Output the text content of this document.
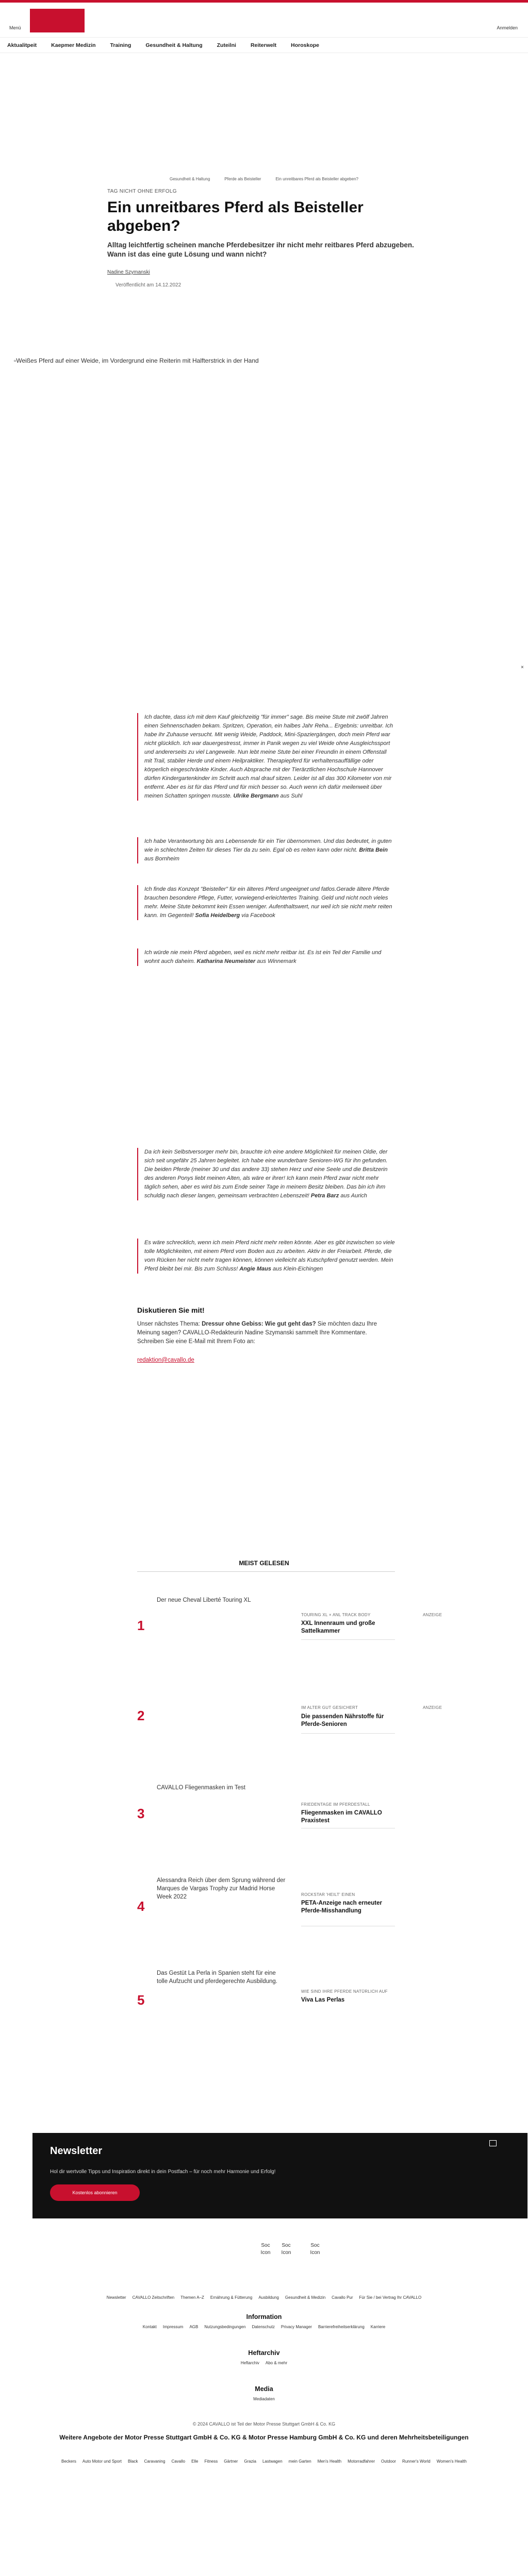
Menü	Anmelden
Aktualitpeit	Kaepmer Medizin	Training	Gesundheit & Haltung	Zuteilni	Reiterwelt	Horoskope
Gesundheit & Haltung	Pferde als Beisteller	Ein unreitbares Pferd als Beisteller abgeben?
TAG NICHT OHNE ERFOLG
Ein unreitbares Pferd als Beisteller abgeben?
Alltag leichtfertig scheinen manche Pferdebesitzer ihr nicht mehr reitbares Pferd abzugeben. Wann ist das eine gute Lösung und wann nicht?
Nadine Szymanski
Veröffentlicht am 14.12.2022
▫Weißes Pferd auf einer Weide, im Vordergrund eine Reiterin mit Halfterstrick in der Hand
×
Ich dachte, dass ich mit dem Kauf gleichzeitig "für immer" sage. Bis meine Stute mit zwölf Jahren einen Sehnenschaden bekam. Spritzen, Operation, ein halbes Jahr Reha... Ergebnis: unreitbar. Ich habe ihr Zuhause versucht. Mit wenig Weide, Paddock, Mini-Spaziergängen, doch mein Pferd war nicht glücklich. Ich war dauergestresst, immer in Panik wegen zu viel Weide ohne Ausgleichssport und andererseits zu viel Langeweile. Nun lebt meine Stute bei einer Freundin in einem Offenstall mit Trail, stabiler Herde und einem Heilpraktiker. Therapiepferd für verhaltensauffällige oder körperlich eingeschränkte Kinder. Auch Absprache mit der Tierärztlichen Hochschule Hannover dürfen Kindergartenkinder im Schritt auch mal drauf sitzen. Leider ist all das 300 Kilometer von mir entfernt. Aber es ist für das Pferd und für mich besser so. Auch wenn ich dafür meilenweit über meinen Schatten springen musste. Ulrike Bergmann aus Suhl
Ich habe Verantwortung bis ans Lebensende für ein Tier übernommen. Und das bedeutet, in guten wie in schlechten Zeiten für dieses Tier da zu sein. Egal ob es reiten kann oder nicht. Britta Bein aus Bornheim
Ich finde das Konzept "Beisteller" für ein älteres Pferd ungeeignet und fatlos.Gerade ältere Pferde brauchen besondere Pflege, Futter, vorwiegend-erleichtertes Training. Geld und nicht noch vieles mehr. Meine Stute bekommt kein Essen weniger. Aufenthaltswert, nur weil ich sie nicht mehr reiten kann. Im Gegenteil! Sofia Heidelberg via Facebook
Ich würde nie mein Pferd abgeben, weil es nicht mehr reitbar ist. Es ist ein Teil der Familie und wohnt auch daheim. Katharina Neumeister aus Winnemark
Da ich kein Selbstversorger mehr bin, brauchte ich eine andere Möglichkeit für meinen Oldie, der sich seit ungefähr 25 Jahren begleitet. Ich habe eine wunderbare Senioren-WG für ihn gefunden. Die beiden Pferde (meiner 30 und das andere 33) stehen Herz und eine Seele und die Besitzerin des anderen Ponys liebt meinen Alten, als wäre er ihrer! Ich kann mein Pferd zwar nicht mehr täglich sehen, aber es wird bis zum Ende seiner Tage in meinem Besitz bleiben. Das bin ich ihm schuldig nach dieser langen, gemeinsam verbrachten Lebenszeit! Petra Barz aus Aurich
Es wäre schrecklich, wenn ich mein Pferd nicht mehr reiten könnte. Aber es gibt inzwischen so viele tolle Möglichkeiten, mit einem Pferd vom Boden aus zu arbeiten. Aktiv in der Freiarbeit. Pferde, die vom Rücken her nicht mehr tragen können, können vielleicht als Kutschpferd genutzt werden. Mein Pferd bleibt bei mir. Bis zum Schluss! Angie Maus aus Klein-Eichingen
Diskutieren Sie mit!
Unser nächstes Thema: Dressur ohne Gebiss: Wie gut geht das? Sie möchten dazu Ihre Meinung sagen? CAVALLO-Redakteurin Nadine Szymanski sammelt Ihre Kommentare. Schreiben Sie eine E-Mail mit Ihrem Foto an:
redaktion@cavallo.de
MEIST GELESEN
1
Der neue Cheval Liberté Touring XL
TOURING XL × ANL TRACK BODY	ANZEIGE
XXL Innenraum und große Sattelkammer
2
IM ALTER GUT GESICHERT	ANZEIGE
Die passenden Nährstoffe für Pferde-Senioren
3
CAVALLO Fliegenmasken im Test
FRIEDENTAGE IM PFERDESTALL
Fliegenmasken im CAVALLO Praxistest
4
Alessandra Reich über dem Sprung während der Marques de Vargas Trophy zur Madrid Horse Week 2022	ROCKSTAR 'HEILT' EINEN
PETA-Anzeige nach erneuter Pferde-Misshandlung
5
Das Gestüt La Perla in Spanien steht für eine tolle Aufzucht und pferdegerechte Ausbildung.
WIE SIND IHRE PFERDE NATÜRLICH AUF
Viva Las Perlas
Newsletter
Hol dir wertvolle Tipps und Inspiration direkt in dein Postfach – für noch mehr Harmonie und Erfolg!
Kostenlos abonnieren
Soc Icon
Soc Icon
Soc Icon
Newsletter CAVALLO Zeitschriften Themen A–Z Ernährung & Fütterung Ausbildung Gesundheit & Medizin Cavallo Pur Für Sie / bei Vertrag Ihr CAVALLO
Information
Kontakt Impressum AGB Nutzungsbedingungen Datenschutz Privacy Manager Barrierefreiheitserklärung Karriere
Heftarchiv
Heftarchiv Abo & mehr
Media
Mediadaten
© 2024 CAVALLO ist Teil der Motor Presse Stuttgart GmbH & Co. KG
Weitere Angebote der Motor Presse Stuttgart GmbH & Co. KG & Motor Presse Hamburg GmbH & Co. KG und deren Mehrheitsbeteiligungen
Beckers Auto Motor und Sport Black Caravaning Cavallo Elle Fitness Gärtner Grazia Lastwagen mein Garten Men's Health Motorradfahrer Outdoor Runner's World Women's Health
